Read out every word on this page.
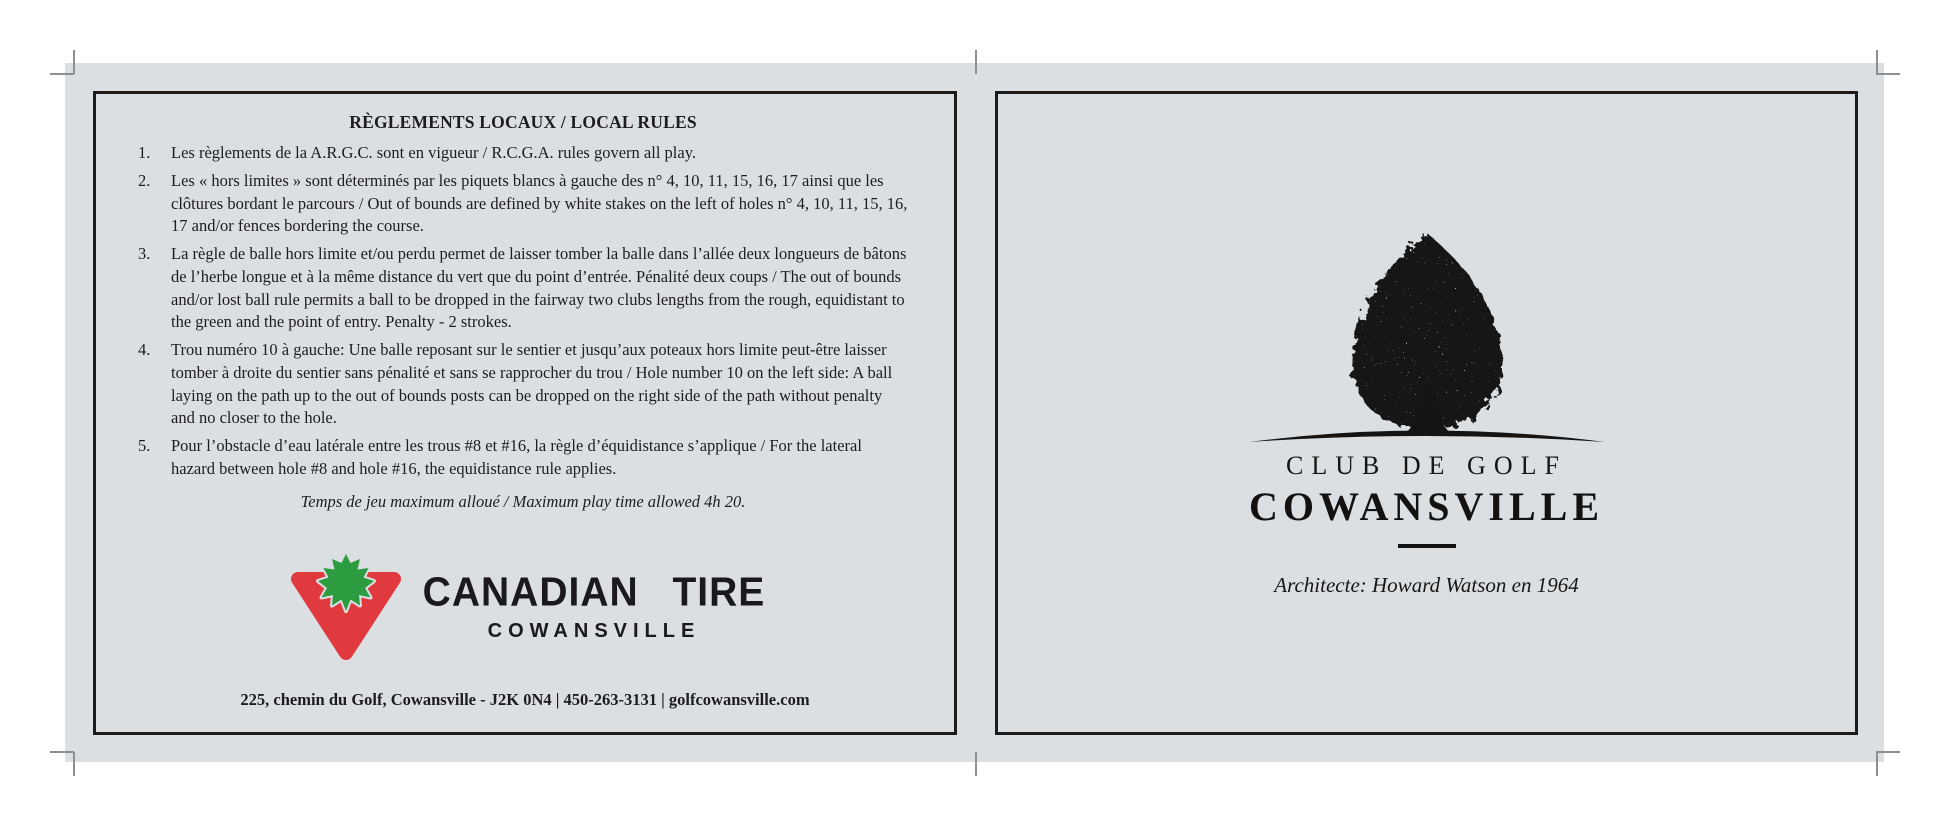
RÈGLEMENTS LOCAUX / LOCAL RULES
1.	Les règlements de la A.R.G.C. sont en vigueur / R.C.G.A. rules govern all play.
2.	Les « hors limites » sont déterminés par les piquets blancs à gauche des n° 4, 10, 11, 15, 16, 17 ainsi que les clôtures bordant le parcours / Out of bounds are defined by white stakes on the left of holes n° 4, 10, 11, 15, 16, 17 and/or fences bordering the course.
3.	La règle de balle hors limite et/ou perdu permet de laisser tomber la balle dans l’allée deux longueurs de bâtons de l’herbe longue et à la même distance du vert que du point d’entrée. Pénalité deux coups / The out of bounds and/or lost ball rule permits a ball to be dropped in the fairway two clubs lengths from the rough, equidistant to the green and the point of entry. Penalty - 2 strokes.
4.	Trou numéro 10 à gauche: Une balle reposant sur le sentier et jusqu’aux poteaux hors limite peut-être laisser tomber à droite du sentier sans pénalité et sans se rapprocher du trou / Hole number 10 on the left side: A ball laying on the path up to the out of bounds posts can be dropped on the right side of the path without penalty and no closer to the hole.
5.	Pour l’obstacle d’eau latérale entre les trous #8 et #16, la règle d’équidistance s’applique / For the lateral hazard between hole #8 and hole #16, the equidistance rule applies.
Temps de jeu maximum alloué / Maximum play time allowed 4h 20.
CANADIAN TIRE
COWANSVILLE
225, chemin du Golf, Cowansville - J2K 0N4 | 450-263-3131 | golfcowansville.com
CLUB DE GOLF
COWANSVILLE
Architecte: Howard Watson en 1964
